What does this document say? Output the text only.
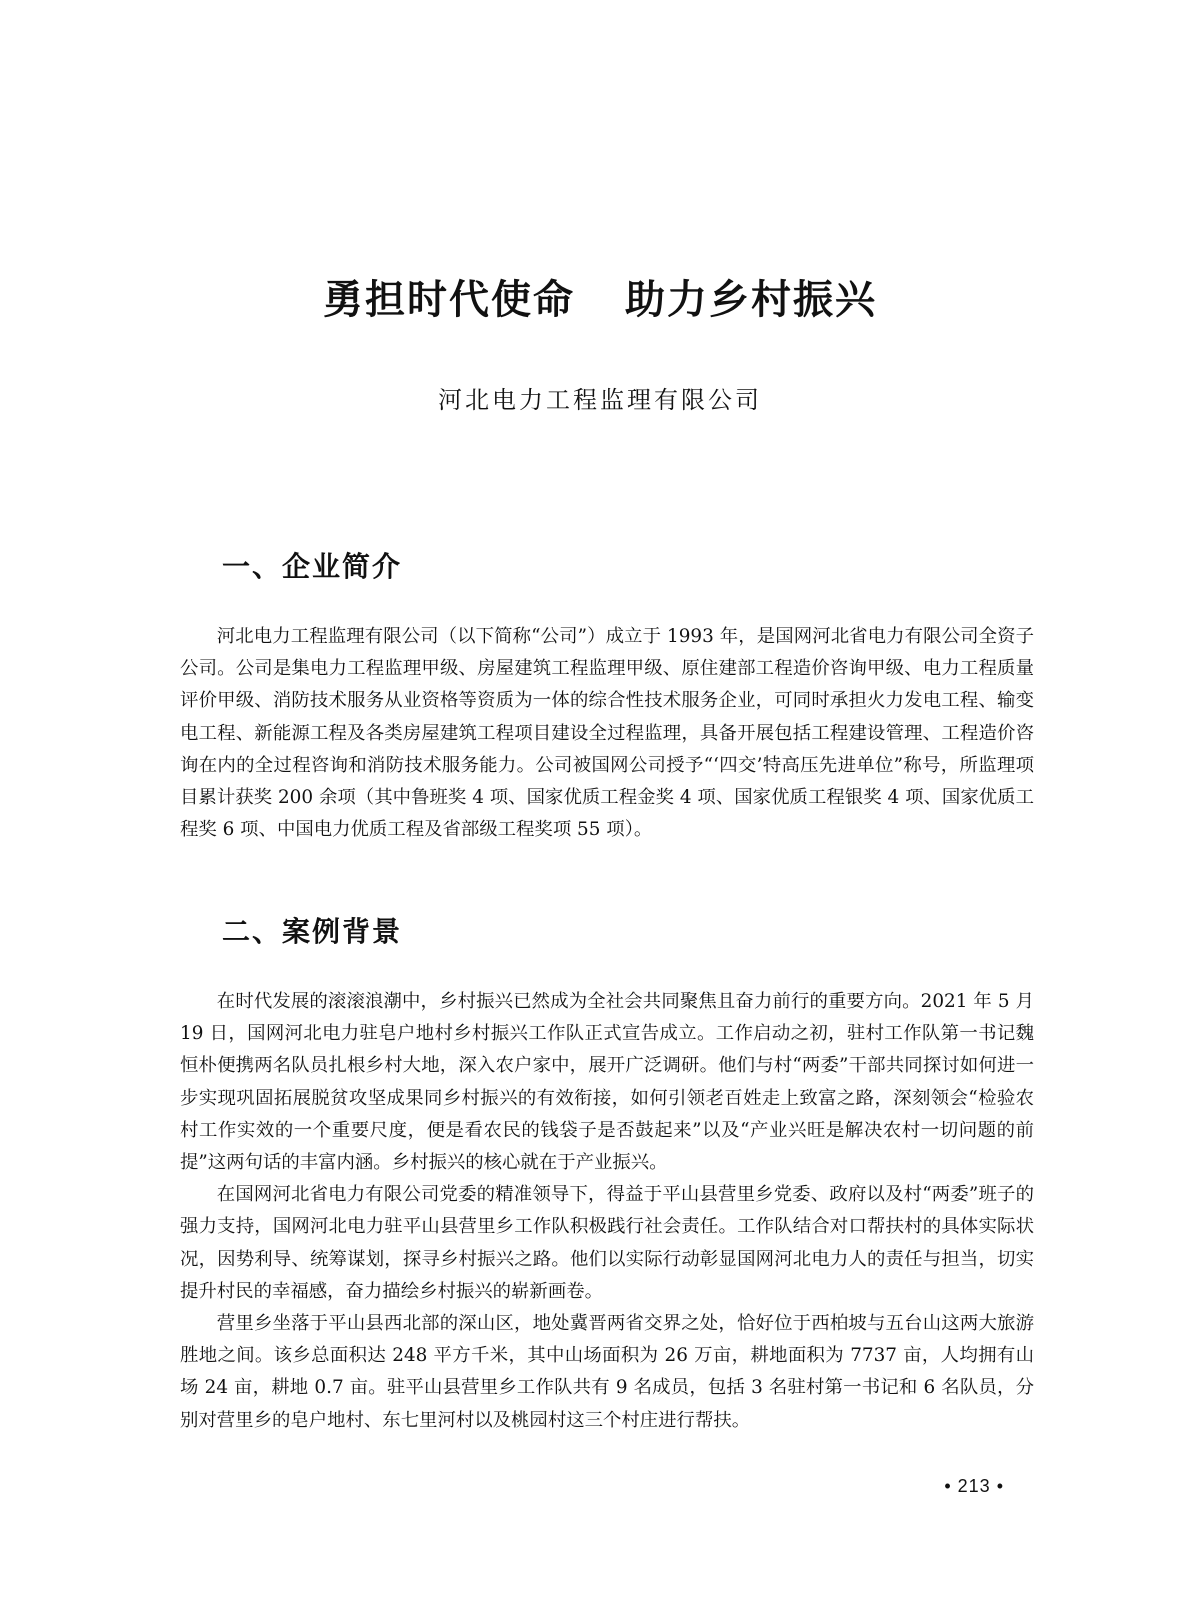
勇担时代使命 助力乡村振兴
河北电力工程监理有限公司
一、企业简介

河北电力工程监理有限公司（以下简称“公司”）成立于 1993 年，是国网河北省电力有限公司全资子公司。公司是集电力工程监理甲级、房屋建筑工程监理甲级、原住建部工程造价咨询甲级、电力工程质量评价甲级、消防技术服务从业资格等资质为一体的综合性技术服务企业，可同时承担火力发电工程、输变电工程、新能源工程及各类房屋建筑工程项目建设全过程监理，具备开展包括工程建设管理、工程造价咨询在内的全过程咨询和消防技术服务能力。公司被国网公司授予“‘四交’特高压先进单位”称号，所监理项目累计获奖 200 余项（其中鲁班奖 4 项、国家优质工程金奖 4 项、国家优质工程银奖 4 项、国家优质工程奖 6 项、中国电力优质工程及省部级工程奖项 55 项）。

二、案例背景

在时代发展的滚滚浪潮中，乡村振兴已然成为全社会共同聚焦且奋力前行的重要方向。2021 年 5 月 19 日，国网河北电力驻皂户地村乡村振兴工作队正式宣告成立。工作启动之初，驻村工作队第一书记魏恒朴便携两名队员扎根乡村大地，深入农户家中，展开广泛调研。他们与村“两委”干部共同探讨如何进一步实现巩固拓展脱贫攻坚成果同乡村振兴的有效衔接，如何引领老百姓走上致富之路，深刻领会“检验农村工作实效的一个重要尺度，便是看农民的钱袋子是否鼓起来”以及“产业兴旺是解决农村一切问题的前提”这两句话的丰富内涵。乡村振兴的核心就在于产业振兴。

在国网河北省电力有限公司党委的精准领导下，得益于平山县营里乡党委、政府以及村“两委”班子的强力支持，国网河北电力驻平山县营里乡工作队积极践行社会责任。工作队结合对口帮扶村的具体实际状况，因势利导、统筹谋划，探寻乡村振兴之路。他们以实际行动彰显国网河北电力人的责任与担当，切实提升村民的幸福感，奋力描绘乡村振兴的崭新画卷。

营里乡坐落于平山县西北部的深山区，地处冀晋两省交界之处，恰好位于西柏坡与五台山这两大旅游胜地之间。该乡总面积达 248 平方千米，其中山场面积为 26 万亩，耕地面积为 7737 亩，人均拥有山场 24 亩，耕地 0.7 亩。驻平山县营里乡工作队共有 9 名成员，包括 3 名驻村第一书记和 6 名队员，分别对营里乡的皂户地村、东七里河村以及桃园村这三个村庄进行帮扶。

• 213 •
